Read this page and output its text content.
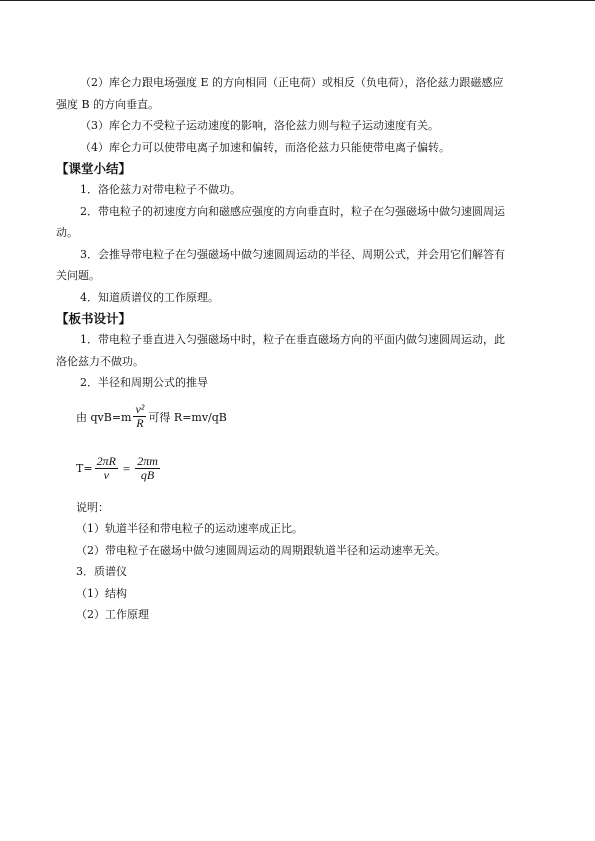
（2）库仑力跟电场强度 E 的方向相同（正电荷）或相反（负电荷），洛伦兹力跟磁感应

强度 B 的方向垂直。

（3）库仑力不受粒子运动速度的影响，洛伦兹力则与粒子运动速度有关。

（4）库仑力可以使带电离子加速和偏转，而洛伦兹力只能使带电离子偏转。

【课堂小结】

1．洛伦兹力对带电粒子不做功。

2．带电粒子的初速度方向和磁感应强度的方向垂直时，粒子在匀强磁场中做匀速圆周运

动。

3．会推导带电粒子在匀强磁场中做匀速圆周运动的半径、周期公式，并会用它们解答有

关问题。

4．知道质谱仪的工作原理。

【板书设计】

1．带电粒子垂直进入匀强磁场中时，粒子在垂直磁场方向的平面内做匀速圆周运动，此

洛伦兹力不做功。

2．半径和周期公式的推导

由 $qvB=m \frac{\text{v²}}{R}$ 可得 R=mv/qB
$T= \frac{2\pi R}{v} = \frac{2\pi m}{qB}$

说明：

（1）轨道半径和带电粒子的运动速率成正比。

（2）带电粒子在磁场中做匀速圆周运动的周期跟轨道半径和运动速率无关。

3．质谱仪

（1）结构

（2）工作原理
